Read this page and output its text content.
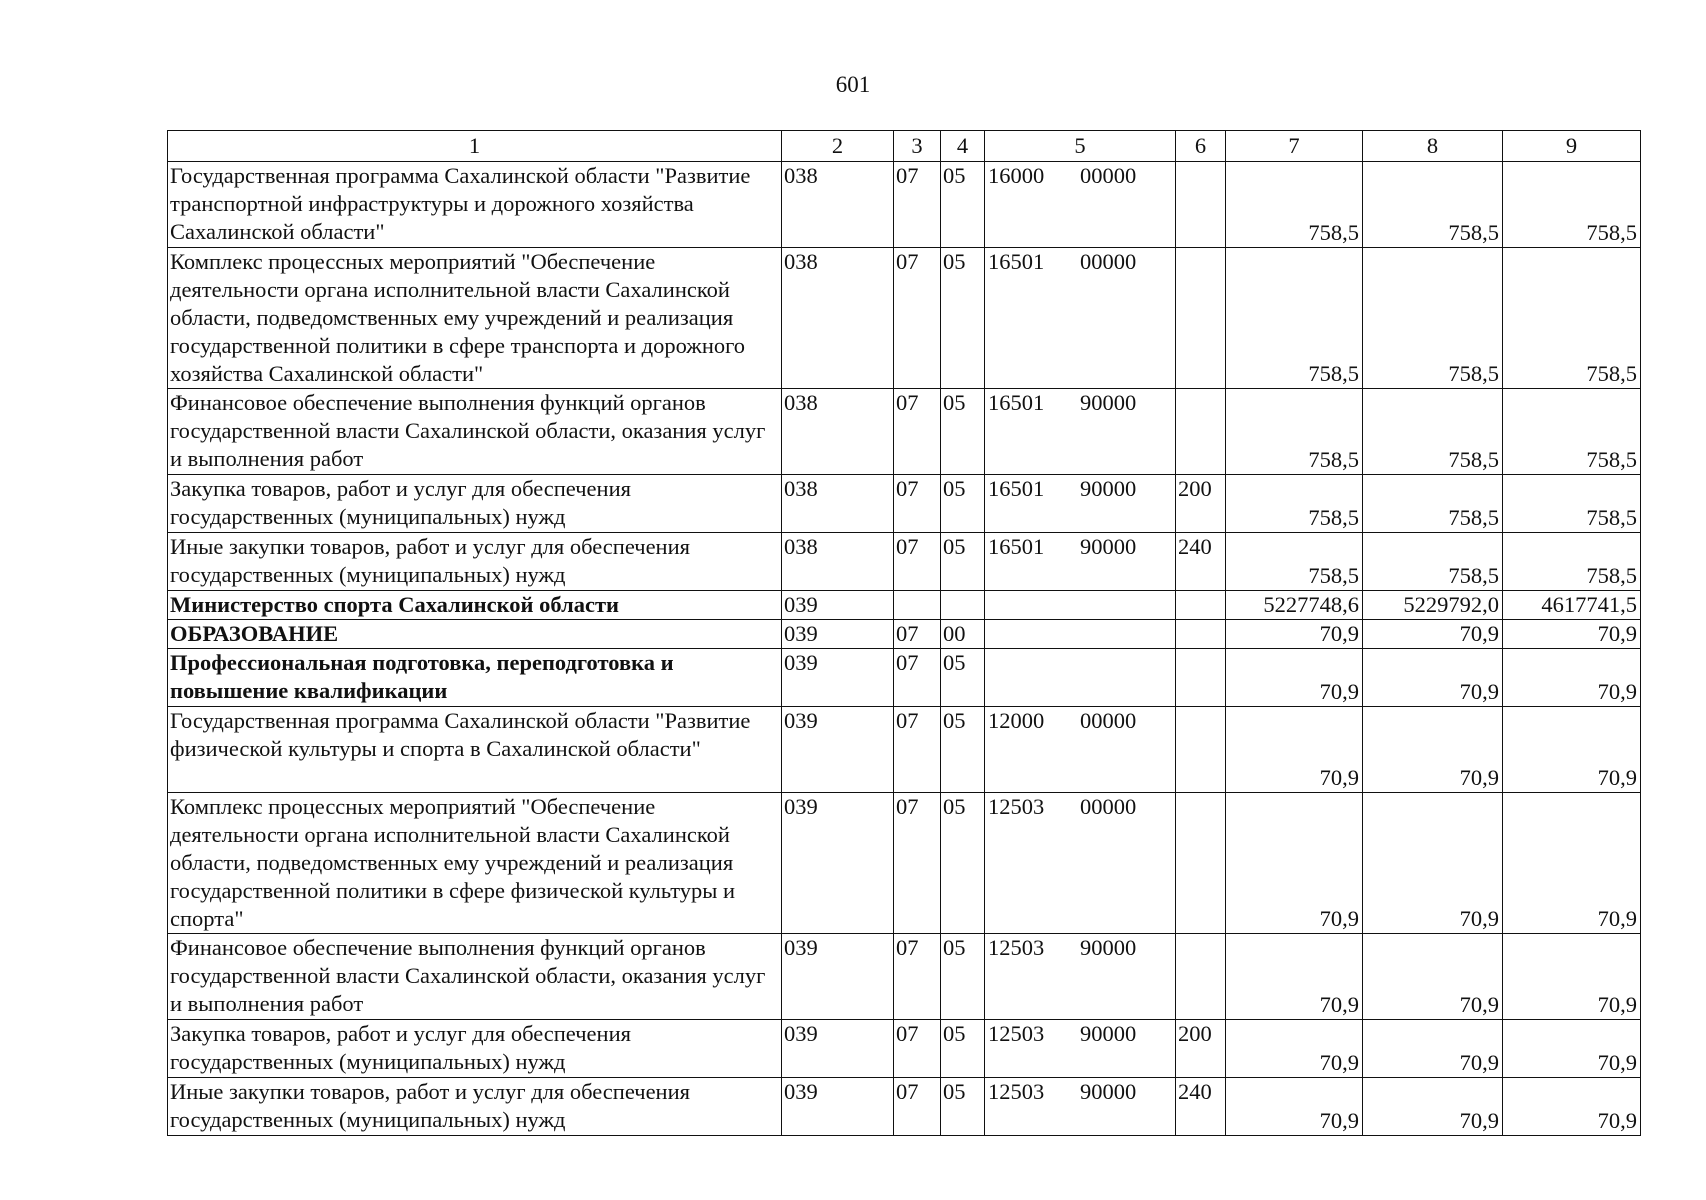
601
1	2	3	4	5	6	7	8	9
Государственная программа Сахалинской области "Развитие транспортной инфраструктуры и дорожного хозяйства Сахалинской области"	038	07	05	16000 00000		758,5	758,5	758,5
Комплекс процессных мероприятий "Обеспечение деятельности органа исполнительной власти Сахалинской области, подведомственных ему учреждений и реализация государственной политики в сфере транспорта и дорожного хозяйства Сахалинской области"	038	07	05	16501 00000		758,5	758,5	758,5
Финансовое обеспечение выполнения функций органов государственной власти Сахалинской области, оказания услуг и выполнения работ	038	07	05	16501 90000		758,5	758,5	758,5
Закупка товаров, работ и услуг для обеспечения государственных (муниципальных) нужд	038	07	05	16501 90000	200	758,5	758,5	758,5
Иные закупки товаров, работ и услуг для обеспечения государственных (муниципальных) нужд	038	07	05	16501 90000	240	758,5	758,5	758,5
Министерство спорта Сахалинской области	039					5227748,6	5229792,0	4617741,5
ОБРАЗОВАНИЕ	039	07	00			70,9	70,9	70,9
Профессиональная подготовка, переподготовка и повышение квалификации	039	07	05			70,9	70,9	70,9
Государственная программа Сахалинской области "Развитие физической культуры и спорта в Сахалинской области"	039	07	05	12000 00000		70,9	70,9	70,9
Комплекс процессных мероприятий "Обеспечение деятельности органа исполнительной власти Сахалинской области, подведомственных ему учреждений и реализация государственной политики в сфере физической культуры и спорта"	039	07	05	12503 00000		70,9	70,9	70,9
Финансовое обеспечение выполнения функций органов государственной власти Сахалинской области, оказания услуг и выполнения работ	039	07	05	12503 90000		70,9	70,9	70,9
Закупка товаров, работ и услуг для обеспечения государственных (муниципальных) нужд	039	07	05	12503 90000	200	70,9	70,9	70,9
Иные закупки товаров, работ и услуг для обеспечения государственных (муниципальных) нужд	039	07	05	12503 90000	240	70,9	70,9	70,9
